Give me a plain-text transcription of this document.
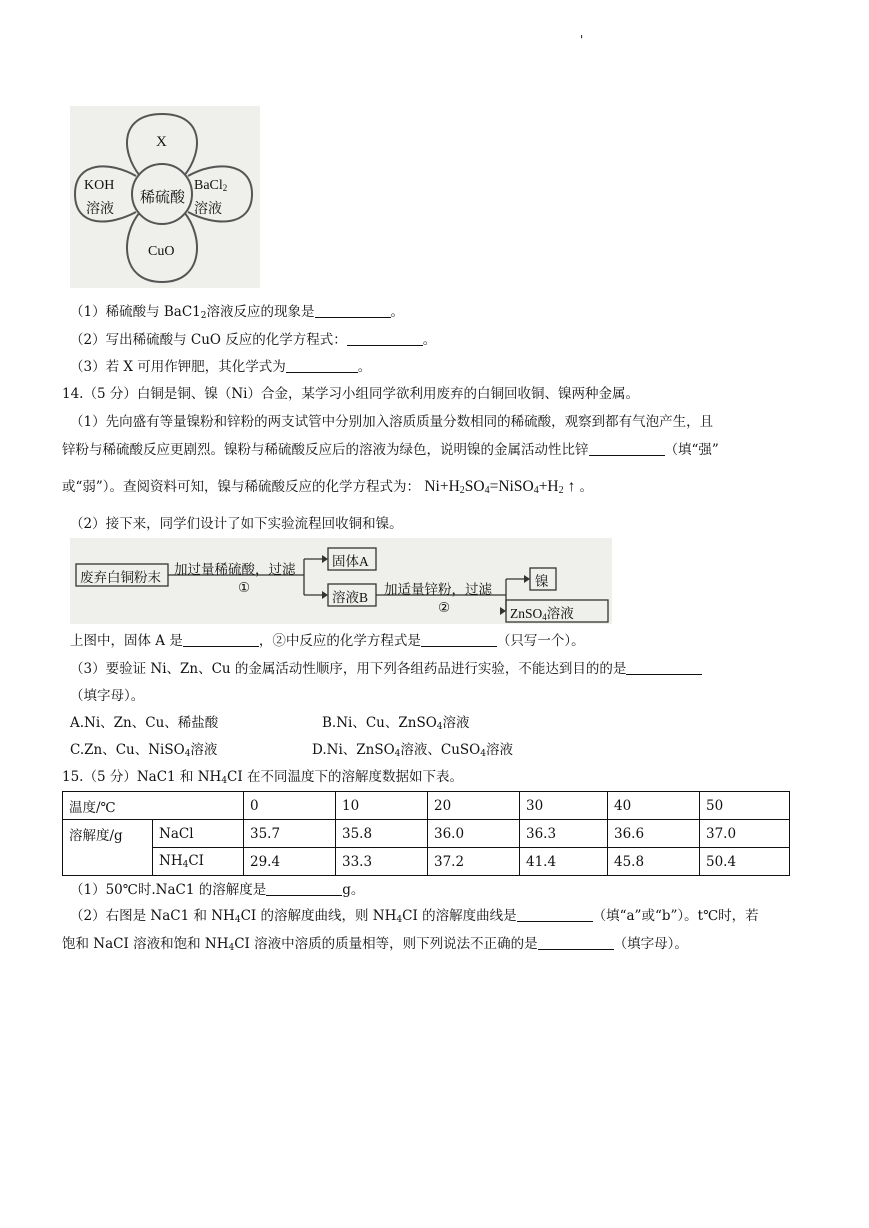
'
X
KOH
溶液
稀硫酸
BaCl$_2$
溶液
CuO
（1）稀硫酸与 $BaC1_2$溶液反应的现象是	。
（2）写出稀硫酸与 CuO 反应的化学方程式：	。
（3）若 X 可用作钾肥，其化学式为	。
14.（5 分）白铜是铜、镍（Ni）合金，某学习小组同学欲利用废弃的白铜回收铜、镍两种金属。
（1）先向盛有等量镍粉和锌粉的两支试管中分别加入溶质质量分数相同的稀硫酸，观察到都有气泡产生，且
锌粉与稀硫酸反应更剧烈。镍粉与稀硫酸反应后的溶液为绿色，说明镍的金属活动性比锌	（填“强”
或“弱”）。查阅资料可知，镍与稀硫酸反应的化学方程式为： $Ni+H_2SO_4=NiSO_4+H_2$ ↑ 。
（2）接下来，同学们设计了如下实验流程回收铜和镍。
废弃白铜粉末
加过量稀硫酸，过滤
①
固体A
溶液B
加适量锌粉，过滤
②
镍
ZnSO$_4$溶液
上图中，固体 A 是	，②中反应的化学方程式是	（只写一个）。
（3）要验证 Ni、Zn、Cu 的金属活动性顺序，用下列各组药品进行实验，不能达到目的的是
（填字母）。
A.Ni、Zn、Cu、稀盐酸	B.Ni、Cu、ZnSO$_4$溶液
C.Zn、Cu、NiSO$_4$溶液	D.Ni、ZnSO$_4$溶液、CuSO$_4$溶液
15.（5 分）NaC1 和 $NH_4CI$ 在不同温度下的溶解度数据如下表。
温度/℃		0	10	20	30	40	50
溶解度/g	NaCl	35.7	35.8	36.0	36.3	36.6	37.0
	$NH_4CI$	29.4	33.3	37.2	41.4	45.8	50.4
（1）50℃时.NaC1 的溶解度是	g。
（2）右图是 NaC1 和 $NH_4CI$ 的溶解度曲线，则 $NH_4CI$ 的溶解度曲线是	（填“a”或“b”）。t℃时，若
饱和 NaCI 溶液和饱和 $NH_4CI$ 溶液中溶质的质量相等，则下列说法不正确的是	（填字母）。
